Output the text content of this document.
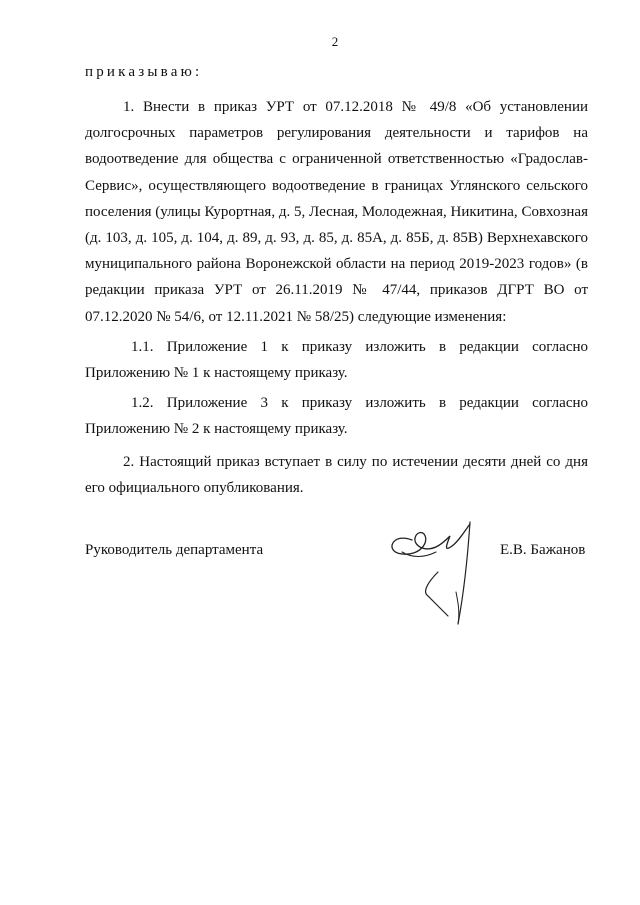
2
приказываю:

1. Внести в приказ УРТ от 07.12.2018 № 49/8 «Об установлении долгосрочных параметров регулирования деятельности и тарифов на водоотведение для общества с ограниченной ответственностью «Градослав-Сервис», осуществляющего водоотведение в границах Углянского сельского поселения (улицы Курортная, д. 5, Лесная, Молодежная, Никитина, Совхозная (д. 103, д. 105, д. 104, д. 89, д. 93, д. 85, д. 85А, д. 85Б, д. 85В) Верхнехавского муниципального района Воронежской области на период 2019-2023 годов» (в редакции приказа УРТ от 26.11.2019 № 47/44, приказов ДГРТ ВО от 07.12.2020 № 54/6, от 12.11.2021 № 58/25) следующие изменения:

1.1. Приложение 1 к приказу изложить в редакции согласно Приложению № 1 к настоящему приказу.

1.2. Приложение 3 к приказу изложить в редакции согласно Приложению № 2 к настоящему приказу.

2. Настоящий приказ вступает в силу по истечении десяти дней со дня его официального опубликования.

Руководитель департамента	Е.В. Бажанов
